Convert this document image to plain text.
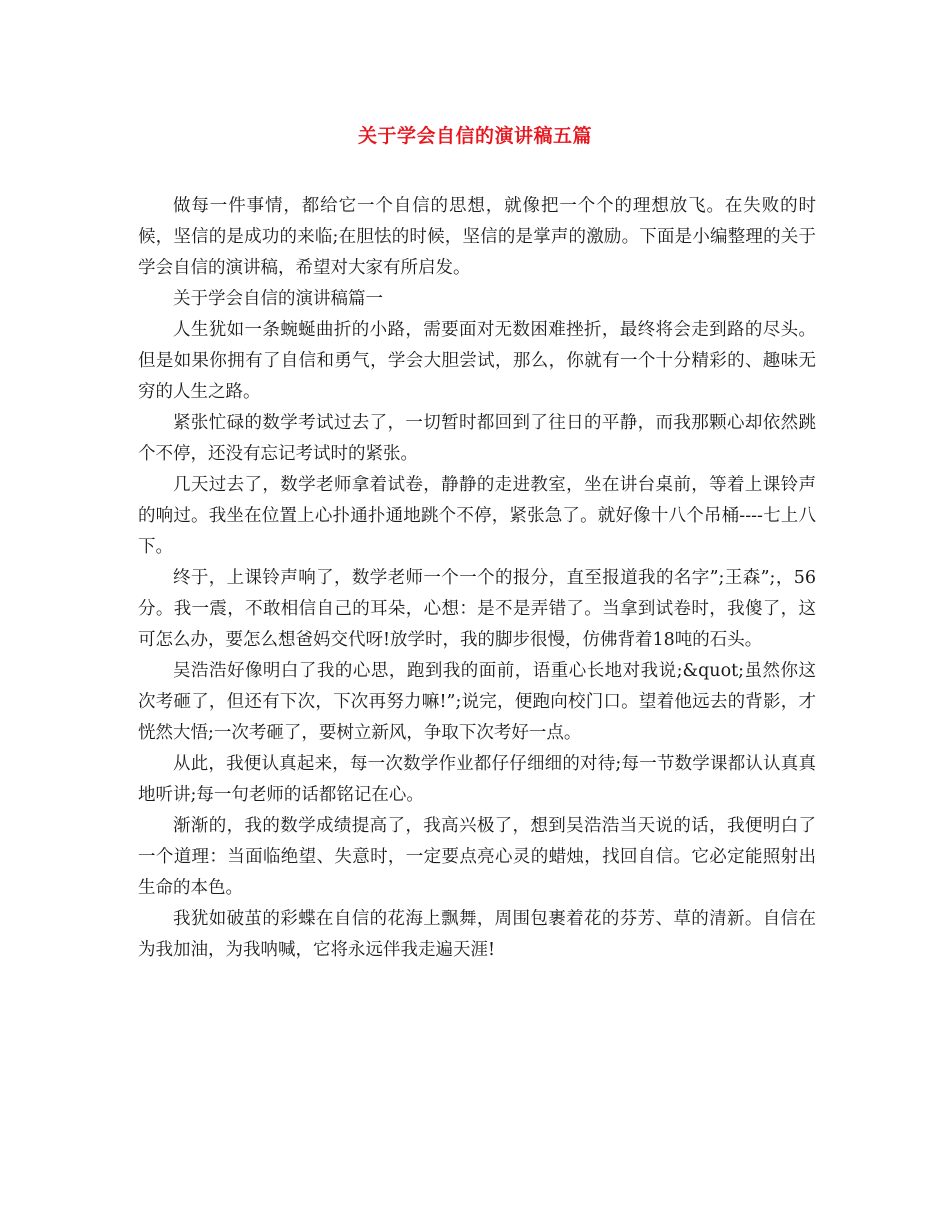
关于学会自信的演讲稿五篇

做每一件事情，都给它一个自信的思想，就像把一个个的理想放飞。在失败的时候，坚信的是成功的来临;在胆怯的时候，坚信的是掌声的激励。下面是小编整理的关于学会自信的演讲稿，希望对大家有所启发。

关于学会自信的演讲稿篇一

人生犹如一条蜿蜒曲折的小路，需要面对无数困难挫折，最终将会走到路的尽头。但是如果你拥有了自信和勇气，学会大胆尝试，那么，你就有一个十分精彩的、趣味无穷的人生之路。

紧张忙碌的数学考试过去了，一切暂时都回到了往日的平静，而我那颗心却依然跳个不停，还没有忘记考试时的紧张。

几天过去了，数学老师拿着试卷，静静的走进教室，坐在讲台桌前，等着上课铃声的响过。我坐在位置上心扑通扑通地跳个不停，紧张急了。就好像十八个吊桶----七上八下。

终于，上课铃声响了，数学老师一个一个的报分，直至报道我的名字”;王森”;，56分。我一震，不敢相信自己的耳朵，心想：是不是弄错了。当拿到试卷时，我傻了，这可怎么办，要怎么想爸妈交代呀!放学时，我的脚步很慢，仿佛背着18吨的石头。

吴浩浩好像明白了我的心思，跑到我的面前，语重心长地对我说;&quot;虽然你这次考砸了，但还有下次，下次再努力嘛!”;说完，便跑向校门口。望着他远去的背影，才恍然大悟;一次考砸了，要树立新风，争取下次考好一点。

从此，我便认真起来，每一次数学作业都仔仔细细的对待;每一节数学课都认认真真地听讲;每一句老师的话都铭记在心。

渐渐的，我的数学成绩提高了，我高兴极了，想到吴浩浩当天说的话，我便明白了一个道理：当面临绝望、失意时，一定要点亮心灵的蜡烛，找回自信。它必定能照射出生命的本色。

我犹如破茧的彩蝶在自信的花海上飘舞，周围包裹着花的芬芳、草的清新。自信在为我加油，为我呐喊，它将永远伴我走遍天涯!
